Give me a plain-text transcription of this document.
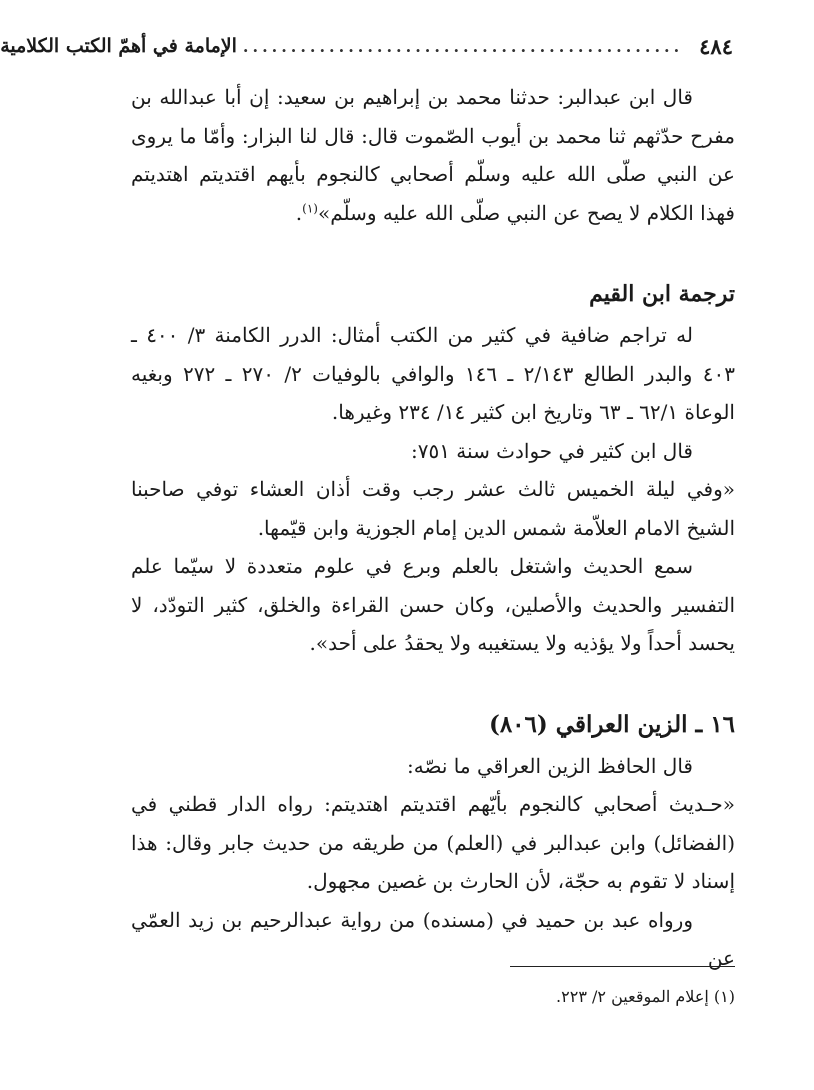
٤٨٤
..............................................
الإمامة في أهمّ الكتب الكلامية

قال ابن عبدالبر: حدثنا محمد بن إبراهيم بن سعيد: إن أبا عبدالله بن مفرح حدّثهم ثنا محمد بن أيوب الصّموت قال: قال لنا البزار: وأمّا ما يروى عن النبي صلّى الله عليه وسلّم أصحابي كالنجوم بأيهم اقتديتم اهتديتم فهذا الكلام لا يصح عن النبي صلّى الله عليه وسلّم»$^{(١)}$.

ترجمة ابن القيم

له تراجم ضافية في كثير من الكتب أمثال: الدرر الكامنة ٣/ ٤٠٠ ـ ٤٠٣ والبدر الطالع ٢/١٤٣ ـ ١٤٦ والوافي بالوفيات ٢/ ٢٧٠ ـ ٢٧٢ وبغيه الوعاة ٦٢/١ ـ ٦٣ وتاريخ ابن كثير ١٤/ ٢٣٤ وغيرها.

قال ابن كثير في حوادث سنة ٧٥١:

«وفي ليلة الخميس ثالث عشر رجب وقت أذان العشاء توفي صاحبنا الشيخ الامام العلاّمة شمس الدين إمام الجوزية وابن قيّمها.

سمع الحديث واشتغل بالعلم وبرع في علوم متعددة لا سيّما علم التفسير والحديث والأصلين، وكان حسن القراءة والخلق، كثير التودّد، لا يحسد أحداً ولا يؤذيه ولا يستغيبه ولا يحقدُ على أحد».

١٦ ـ الزين العراقي (٨٠٦)

قال الحافظ الزين العراقي ما نصّه:

«حـديث أصحابي كالنجوم بأيّهم اقتديتم اهتديتم: رواه الدار قطني في (الفضائل) وابن عبدالبر في (العلم) من طريقه من حديث جابر وقال: هذا إسناد لا تقوم به حجّة، لأن الحارث بن غصين مجهول.

ورواه عبد بن حميد في (مسنده) من رواية عبدالرحيم بن زيد العمّي عن

(١) إعلام الموقعين ٢/ ٢٢٣.
